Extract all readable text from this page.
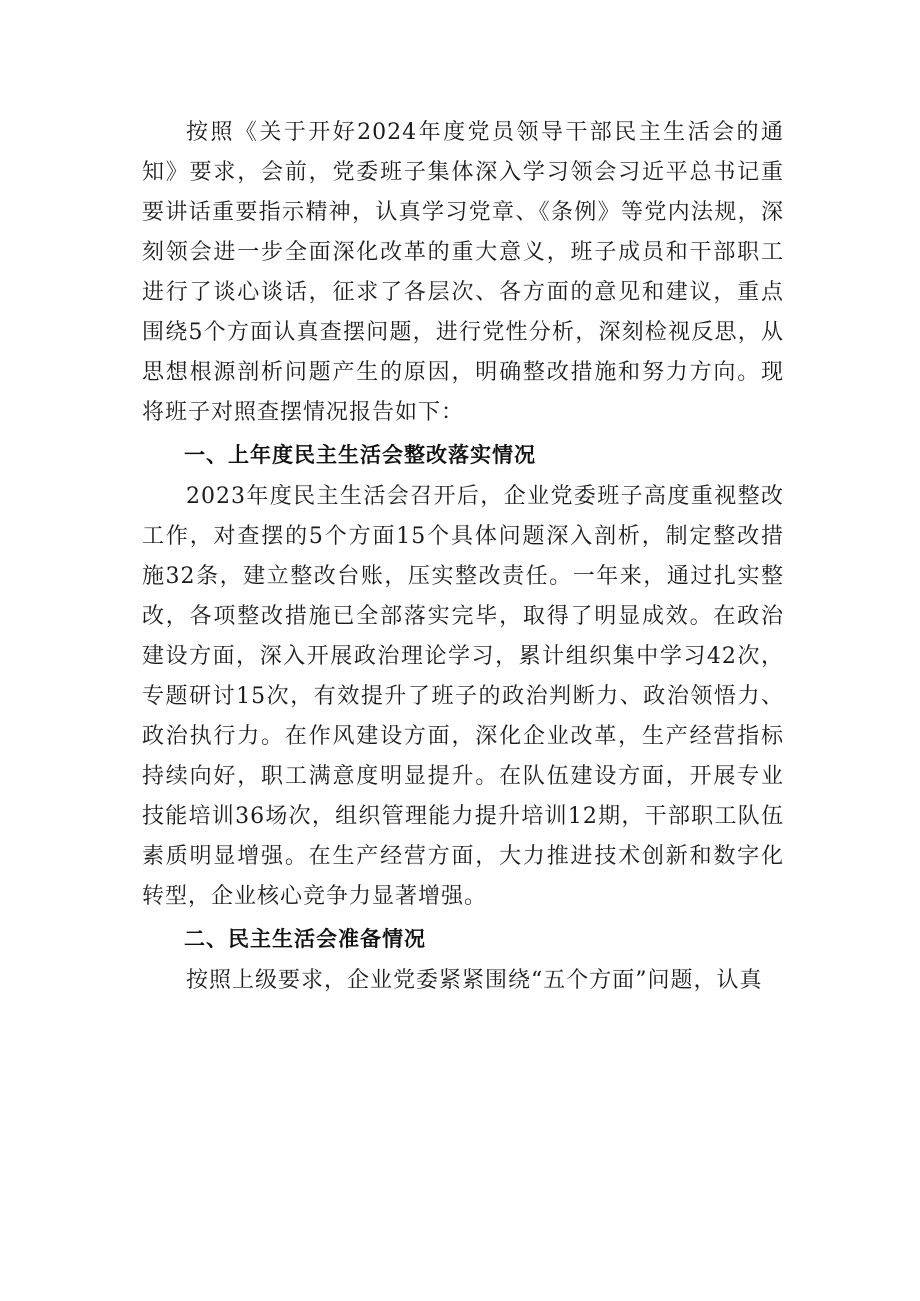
按照《关于开好2024年度党员领导干部民主生活会的通知》要求，会前，党委班子集体深入学习领会习近平总书记重要讲话重要指示精神，认真学习党章、《条例》等党内法规，深刻领会进一步全面深化改革的重大意义，班子成员和干部职工进行了谈心谈话，征求了各层次、各方面的意见和建议，重点围绕5个方面认真查摆问题，进行党性分析，深刻检视反思，从思想根源剖析问题产生的原因，明确整改措施和努力方向。现将班子对照查摆情况报告如下：

一、上年度民主生活会整改落实情况

2023年度民主生活会召开后，企业党委班子高度重视整改工作，对查摆的5个方面15个具体问题深入剖析，制定整改措施32条，建立整改台账，压实整改责任。一年来，通过扎实整改，各项整改措施已全部落实完毕，取得了明显成效。在政治建设方面，深入开展政治理论学习，累计组织集中学习42次，专题研讨15次，有效提升了班子的政治判断力、政治领悟力、政治执行力。在作风建设方面，深化企业改革，生产经营指标持续向好，职工满意度明显提升。在队伍建设方面，开展专业技能培训36场次，组织管理能力提升培训12期，干部职工队伍素质明显增强。在生产经营方面，大力推进技术创新和数字化转型，企业核心竞争力显著增强。

二、民主生活会准备情况

按照上级要求，企业党委紧紧围绕“五个方面”问题，认真
